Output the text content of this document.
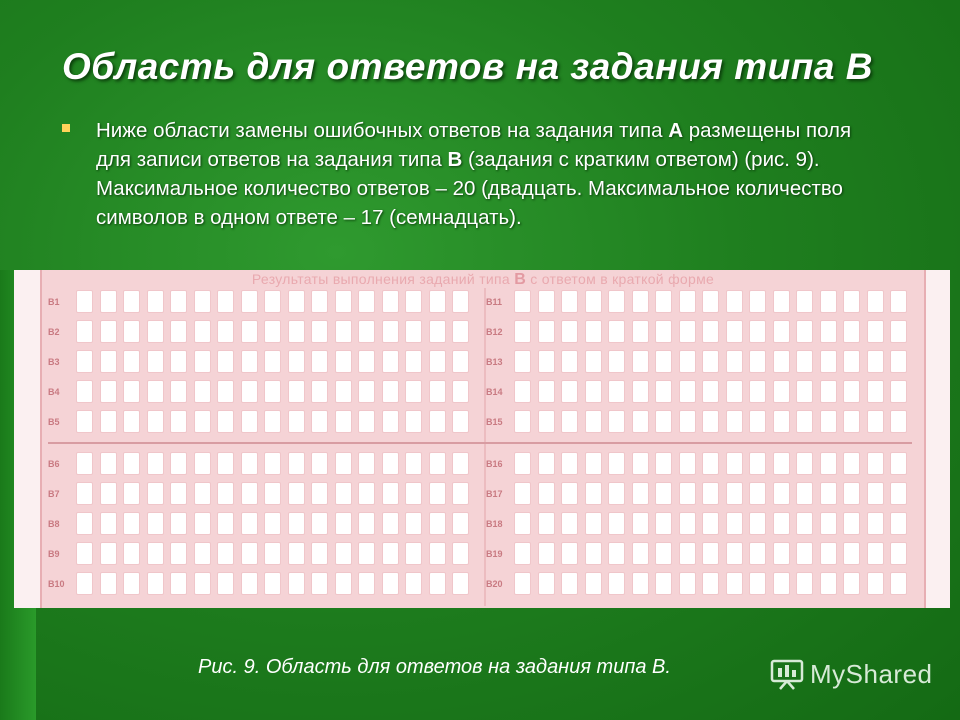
Область для ответов на задания типа В

Ниже области замены ошибочных ответов на задания типа А размещены поля для записи ответов на задания типа В (задания с кратким ответом) (рис. 9). Максимальное количество ответов – 20 (двадцать. Максимальное количество символов в одном ответе – 17 (семнадцать).

Результаты выполнения заданий типа В с ответом в краткой форме
В1
В2
В3
В4
В5
В6
В7
В8
В9
В10
В11
В12
В13
В14
В15
В16
В17
В18
В19
В20

Рис. 9. Область для ответов на задания типа В.	MyShared
